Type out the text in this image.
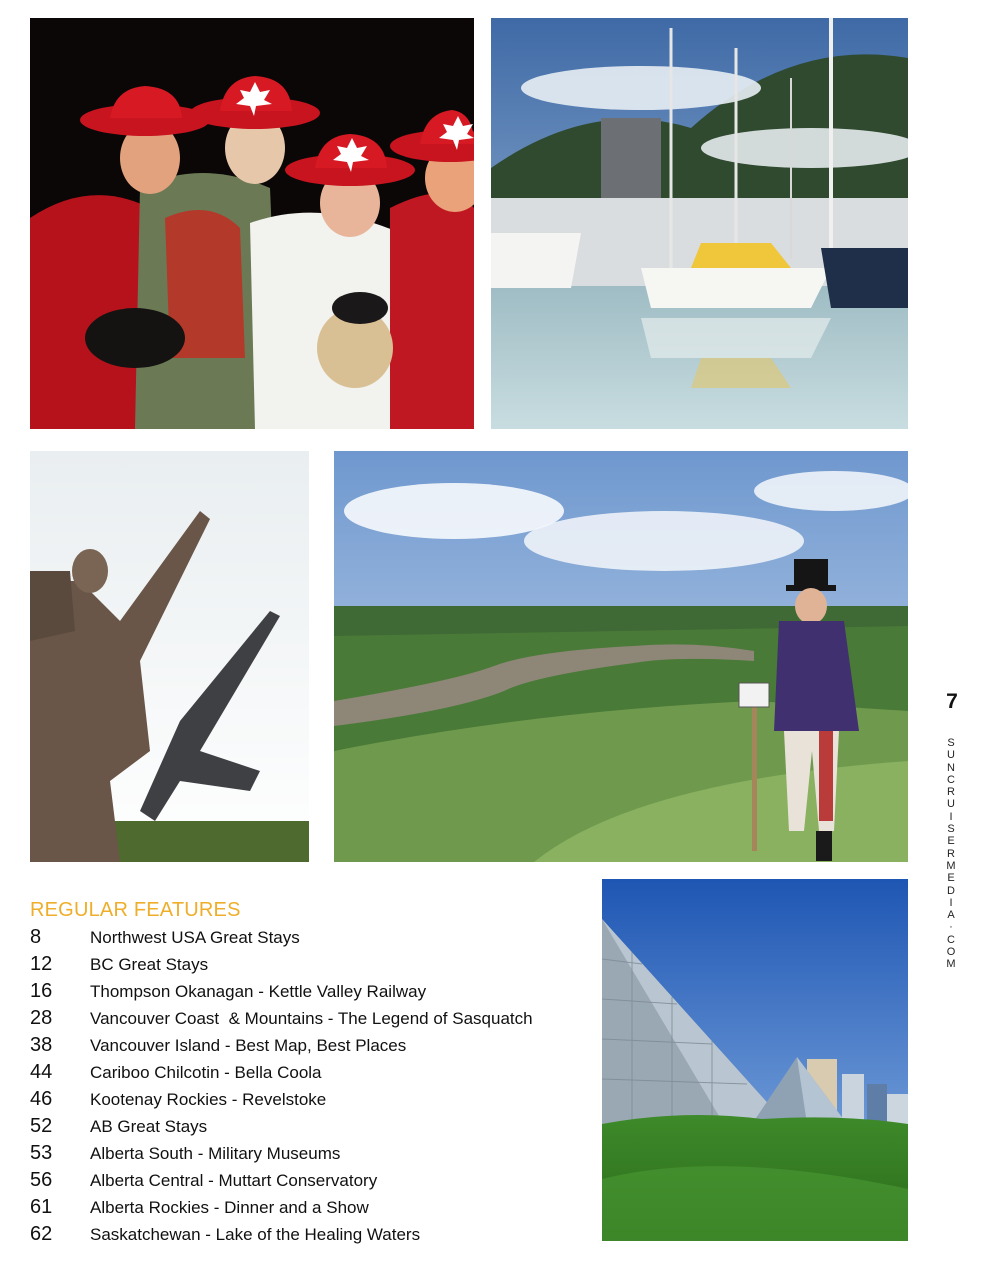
REGULAR FEATURES
8	Northwest USA Great Stays
12	BC Great Stays
16	Thompson Okanagan - Kettle Valley Railway
28	Vancouver Coast  & Mountains - The Legend of Sasquatch
38	Vancouver Island - Best Map, Best Places
44	Cariboo Chilcotin - Bella Coola
46	Kootenay Rockies - Revelstoke
52	AB Great Stays
53	Alberta South - Military Museums
56	Alberta Central - Muttart Conservatory
61	Alberta Rockies - Dinner and a Show
62	Saskatchewan - Lake of the Healing Waters
7
S
U
N
C
R
U
I
S
E
R
M
E
D
I
A
·
C
O
M
